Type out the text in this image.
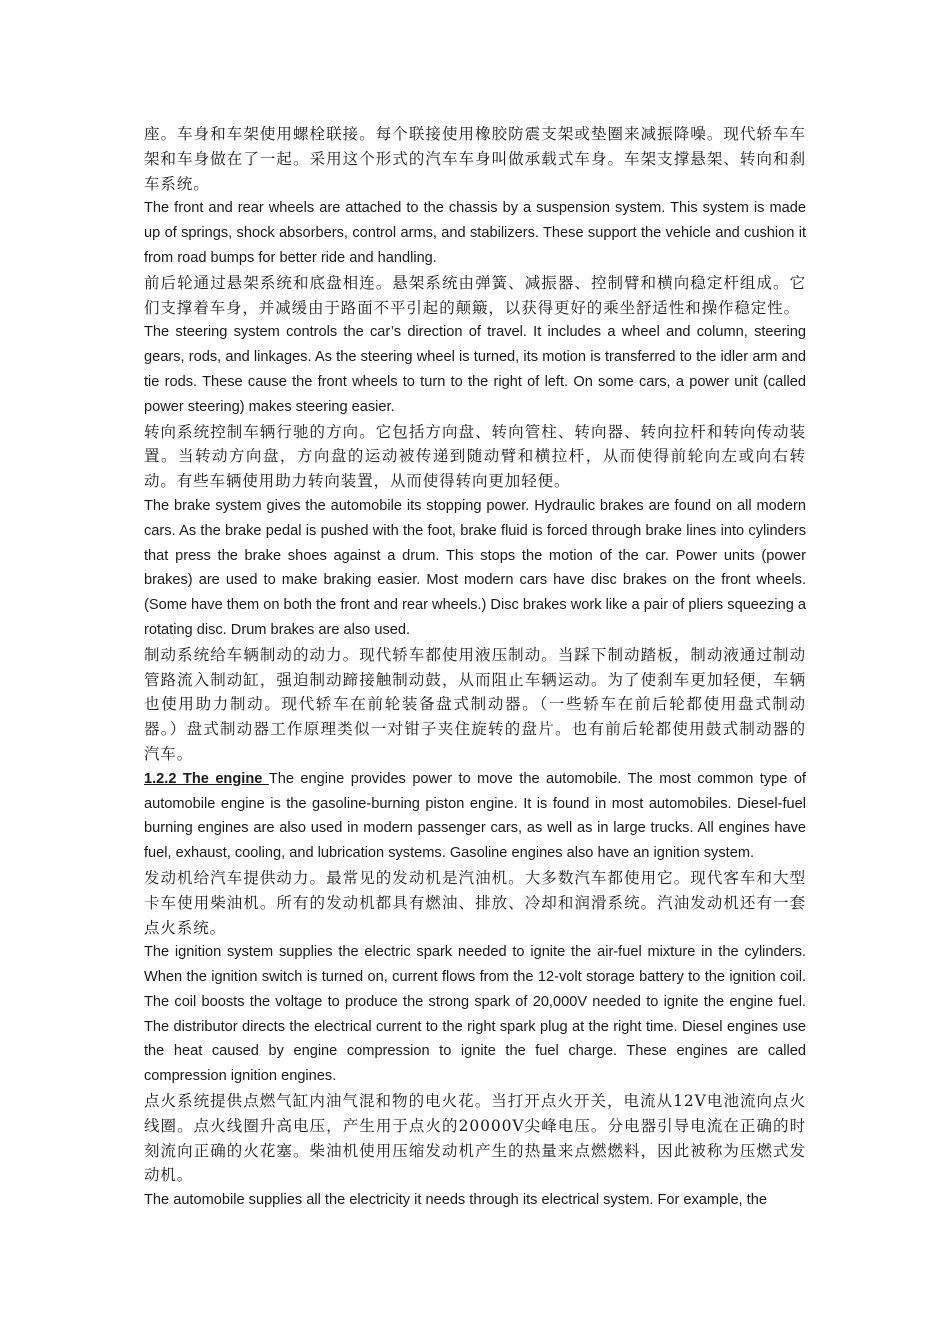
座。车身和车架使用螺栓联接。每个联接使用橡胶防震支架或垫圈来减振降噪。现代轿车车架和车身做在了一起。采用这个形式的汽车车身叫做承载式车身。车架支撑悬架、转向和刹车系统。

The front and rear wheels are attached to the chassis by a suspension system. This system is made up of springs, shock absorbers, control arms, and stabilizers. These support the vehicle and cushion it from road bumps for better ride and handling.

前后轮通过悬架系统和底盘相连。悬架系统由弹簧、减振器、控制臂和横向稳定杆组成。它们支撑着车身，并减缓由于路面不平引起的颠簸，以获得更好的乘坐舒适性和操作稳定性。

The steering system controls the car’s direction of travel. It includes a wheel and column, steering gears, rods, and linkages. As the steering wheel is turned, its motion is transferred to the idler arm and tie rods. These cause the front wheels to turn to the right of left. On some cars, a power unit (called power steering) makes steering easier.

转向系统控制车辆行驰的方向。它包括方向盘、转向管柱、转向器、转向拉杆和转向传动装置。当转动方向盘，方向盘的运动被传递到随动臂和横拉杆，从而使得前轮向左或向右转动。有些车辆使用助力转向装置，从而使得转向更加轻便。

The brake system gives the automobile its stopping power. Hydraulic brakes are found on all modern cars. As the brake pedal is pushed with the foot, brake fluid is forced through brake lines into cylinders that press the brake shoes against a drum. This stops the motion of the car. Power units (power brakes) are used to make braking easier. Most modern cars have disc brakes on the front wheels. (Some have them on both the front and rear wheels.) Disc brakes work like a pair of pliers squeezing a rotating disc. Drum brakes are also used.

制动系统给车辆制动的动力。现代轿车都使用液压制动。当踩下制动踏板，制动液通过制动管路流入制动缸，强迫制动蹄接触制动鼓，从而阻止车辆运动。为了使刹车更加轻便，车辆也使用助力制动。现代轿车在前轮装备盘式制动器。（一些轿车在前后轮都使用盘式制动器。）盘式制动器工作原理类似一对钳子夹住旋转的盘片。也有前后轮都使用鼓式制动器的汽车。

1.2.2 The engine The engine provides power to move the automobile. The most common type of automobile engine is the gasoline-burning piston engine. It is found in most automobiles. Diesel-fuel burning engines are also used in modern passenger cars, as well as in large trucks. All engines have fuel, exhaust, cooling, and lubrication systems. Gasoline engines also have an ignition system.

发动机给汽车提供动力。最常见的发动机是汽油机。大多数汽车都使用它。现代客车和大型卡车使用柴油机。所有的发动机都具有燃油、排放、冷却和润滑系统。汽油发动机还有一套点火系统。

The ignition system supplies the electric spark needed to ignite the air-fuel mixture in the cylinders. When the ignition switch is turned on, current flows from the 12-volt storage battery to the ignition coil. The coil boosts the voltage to produce the strong spark of 20,000V needed to ignite the engine fuel. The distributor directs the electrical current to the right spark plug at the right time. Diesel engines use the heat caused by engine compression to ignite the fuel charge. These engines are called compression ignition engines.

点火系统提供点燃气缸内油气混和物的电火花。当打开点火开关，电流从12V电池流向点火线圈。点火线圈升高电压，产生用于点火的20000V尖峰电压。分电器引导电流在正确的时刻流向正确的火花塞。柴油机使用压缩发动机产生的热量来点燃燃料，因此被称为压燃式发动机。

The automobile supplies all the electricity it needs through its electrical system. For example, the
